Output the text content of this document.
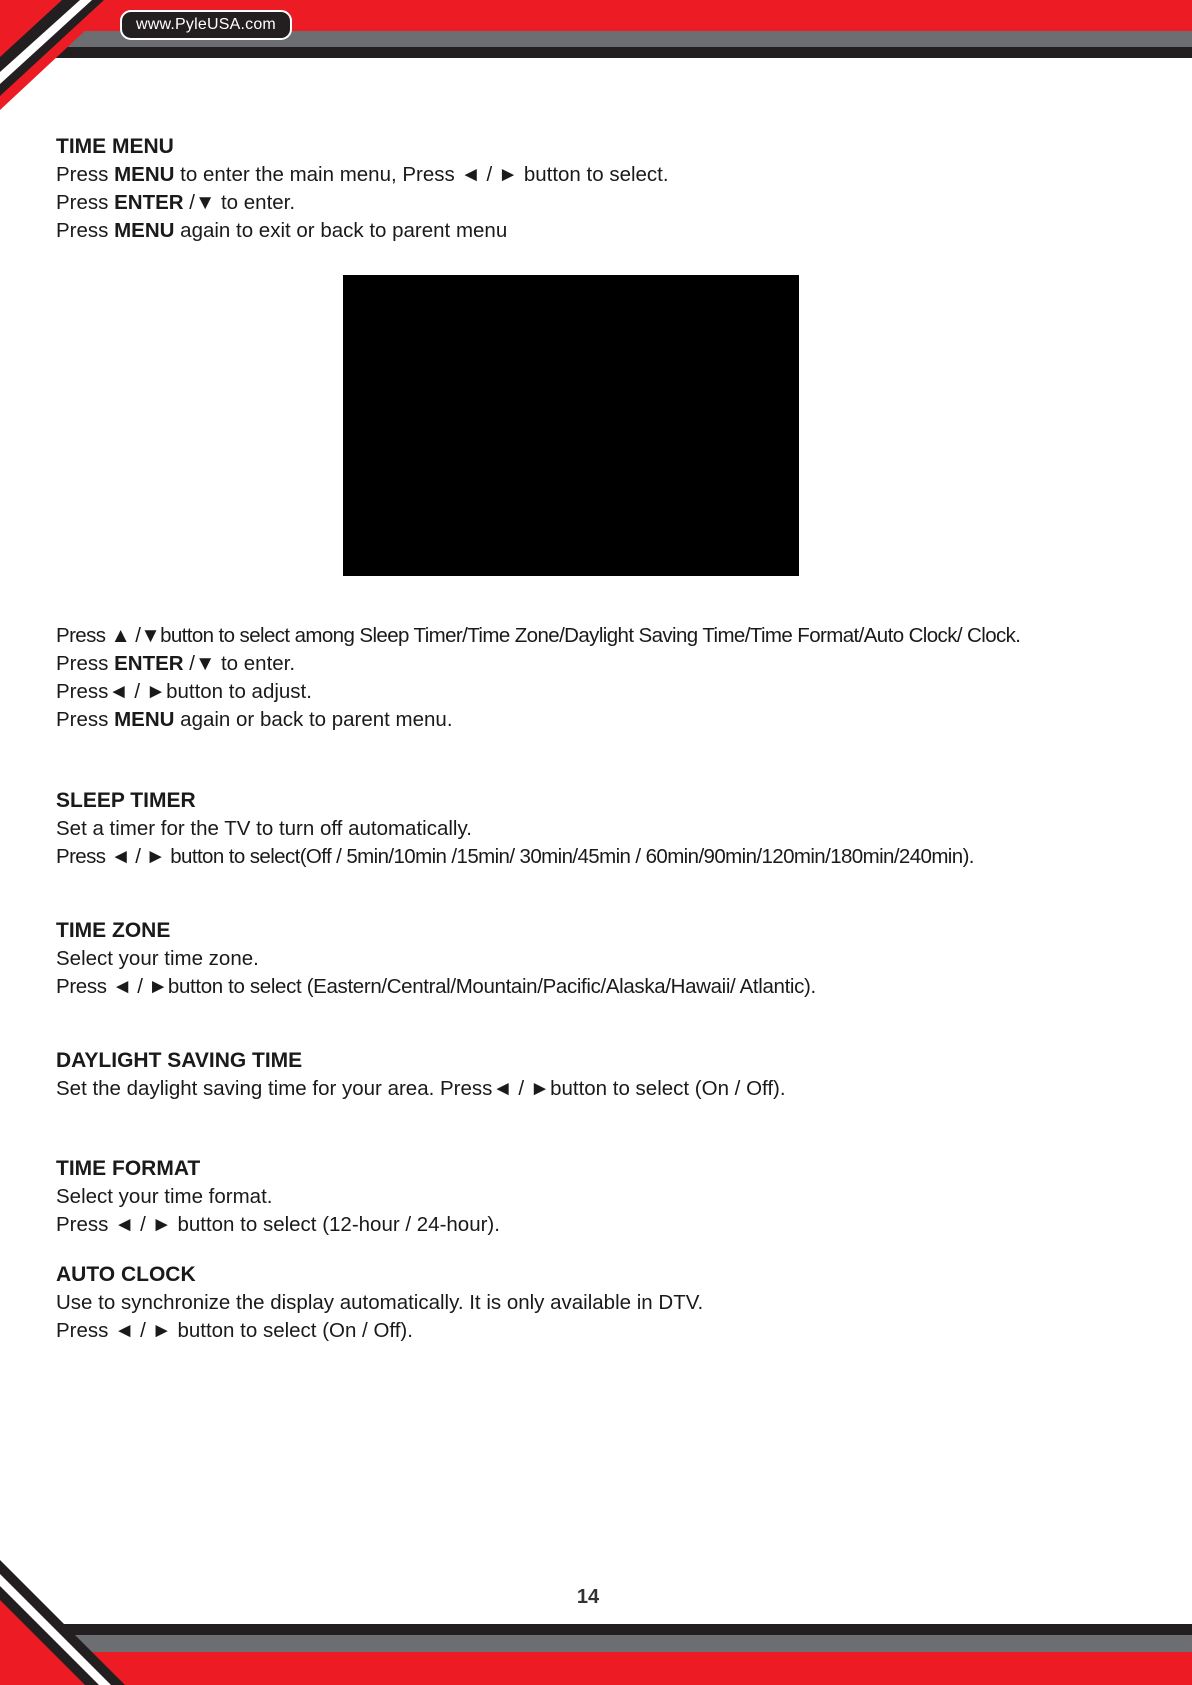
www.PyleUSA.com
TIME MENU
Press MENU to enter the main menu, Press ◄ / ► button to select.
Press ENTER /▼ to enter.
Press MENU again to exit or back to parent menu
Press ▲ /▼button to select among Sleep Timer/Time Zone/Daylight Saving Time/Time Format/Auto Clock/ Clock.
Press ENTER /▼ to enter.
Press◄ / ►button to adjust.
Press MENU again or back to parent menu.
SLEEP TIMER
Set a timer for the TV to turn off automatically.
Press ◄ / ► button to select(Off / 5min/10min /15min/ 30min/45min / 60min/90min/120min/180min/240min).
TIME ZONE
Select your time zone.
Press ◄ / ►button to select (Eastern/Central/Mountain/Pacific/Alaska/Hawaii/ Atlantic).
DAYLIGHT SAVING TIME
Set the daylight saving time for your area. Press◄ / ►button to select (On / Off).
TIME FORMAT
Select your time format.
Press ◄ / ► button to select (12-hour / 24-hour).
AUTO CLOCK
Use to synchronize the display automatically. It is only available in DTV.
Press ◄ / ► button to select (On / Off).
14
